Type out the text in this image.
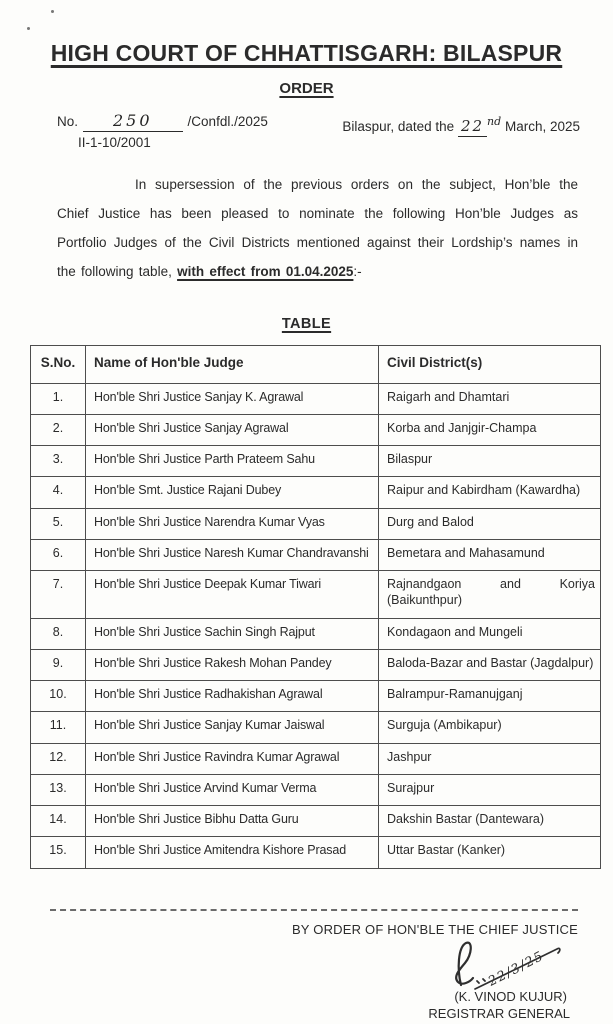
HIGH COURT OF CHHATTISGARH: BILASPUR
ORDER
No. 250	/Confdl./2025
II-1-10/2001
Bilaspur, dated the 22 $^{nd}$ March, 2025

In supersession of the previous orders on the subject, Hon’ble the Chief Justice has been pleased to nominate the following Hon’ble Judges as Portfolio Judges of the Civil Districts mentioned against their Lordship’s names in the following table, with effect from 01.04.2025:-

TABLE
S.No.	Name of Hon'ble Judge	Civil District(s)
1.	Hon'ble Shri Justice Sanjay K. Agrawal	Raigarh and Dhamtari
2.	Hon'ble Shri Justice Sanjay Agrawal	Korba and Janjgir-Champa
3.	Hon'ble Shri Justice Parth Prateem Sahu	Bilaspur
4.	Hon'ble Smt. Justice Rajani Dubey	Raipur and Kabirdham (Kawardha)
5.	Hon'ble Shri Justice Narendra Kumar Vyas	Durg and Balod
6.	Hon'ble Shri Justice Naresh Kumar Chandravanshi	Bemetara and Mahasamund
7.	Hon'ble Shri Justice Deepak Kumar Tiwari	Rajnandgaon and Koriya (Baikunthpur)
8.	Hon'ble Shri Justice Sachin Singh Rajput	Kondagaon and Mungeli
9.	Hon'ble Shri Justice Rakesh Mohan Pandey	Baloda-Bazar and Bastar (Jagdalpur)
10.	Hon'ble Shri Justice Radhakishan Agrawal	Balrampur-Ramanujganj
11.	Hon'ble Shri Justice Sanjay Kumar Jaiswal	Surguja (Ambikapur)
12.	Hon'ble Shri Justice Ravindra Kumar Agrawal	Jashpur
13.	Hon'ble Shri Justice Arvind Kumar Verma	Surajpur
14.	Hon'ble Shri Justice Bibhu Datta Guru	Dakshin Bastar (Dantewara)
15.	Hon'ble Shri Justice Amitendra Kishore Prasad	Uttar Bastar (Kanker)
BY ORDER OF HON'BLE THE CHIEF JUSTICE
22/3/25
(K. VINOD KUJUR)
REGISTRAR GENERAL
